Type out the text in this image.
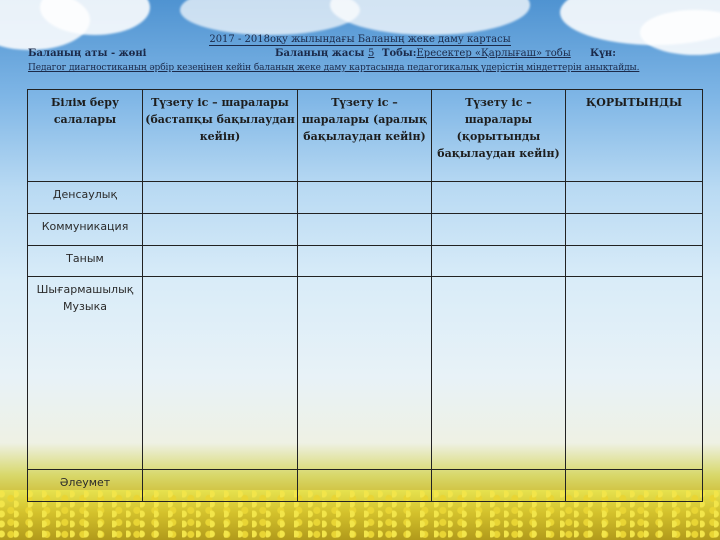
2017 - 2018оқу жылындағы Баланың жеке даму картасы
Баланың аты - жөні	Баланың жасы 5 Тобы:Ересектер «Қарлығаш» тобы Күн:
Педагог диагностиканың әрбір кезеңінен кейін баланың жеке даму картасында педагогикалық үдерістің міндеттерін анықтайды.
Білім беру салалары	Түзету іс – шаралары (бастапқы бақылаудан кейін)	Түзету іс – шаралары (аралық бақылаудан кейін)	Түзету іс – шаралары (қорытынды бақылаудан кейін)	ҚОРЫТЫНДЫ
Денсаулық				
Коммуникация				
Таным				
Шығармашылық Музыка				
Әлеумет				
